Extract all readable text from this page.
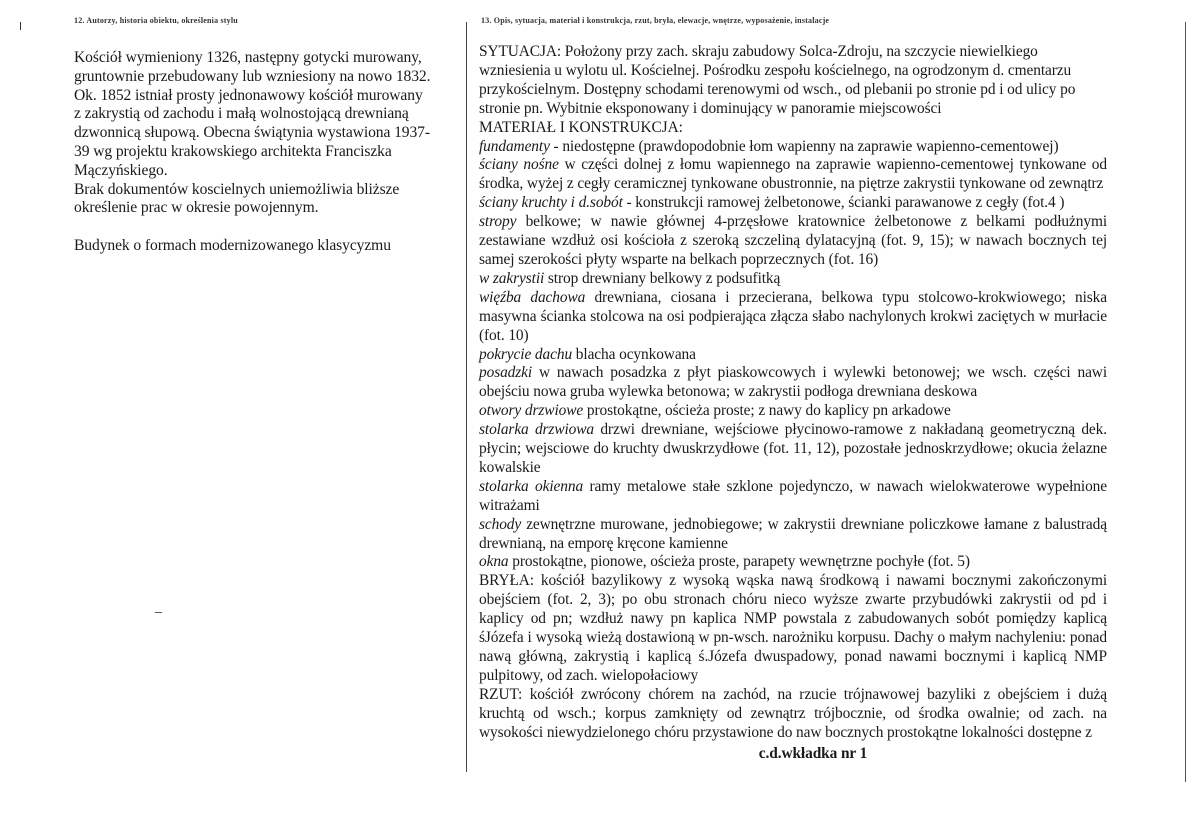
12. Autorzy, historia obiektu, określenia stylu	13. Opis, sytuacja, materiał i konstrukcja, rzut, bryła, elewacje, wnętrze, wyposażenie, instalacje

Kościół wymieniony 1326, następny gotycki murowany,

gruntownie przebudowany lub wzniesiony na nowo 1832.

Ok. 1852 istniał prosty jednonawowy kościół murowany

z zakrystią od zachodu i małą wolnostojącą drewnianą

dzwonnicą słupową. Obecna świątynia wystawiona 1937-

39 wg projektu krakowskiego architekta Franciszka

Mączyńskiego.

Brak dokumentów koscielnych uniemożliwia bliższe

określenie prac w okresie powojennym.

Budynek o formach modernizowanego klasycyzmu

SYTUACJA: Położony przy zach. skraju zabudowy Solca-Zdroju, na szczycie niewielkiego

wzniesienia u wylotu ul. Kościelnej. Pośrodku zespołu kościelnego, na ogrodzonym d. cmentarzu

przykościelnym. Dostępny schodami terenowymi od wsch., od plebanii po stronie pd i od ulicy po

stronie pn. Wybitnie eksponowany i dominujący w panoramie miejscowości

MATERIAŁ I KONSTRUKCJA:

fundamenty - niedostępne (prawdopodobnie łom wapienny na zaprawie wapienno-cementowej)

ściany nośne w części dolnej z łomu wapiennego na zaprawie wapienno-cementowej tynkowane od środka, wyżej z cegły ceramicznej tynkowane obustronnie, na piętrze zakrystii tynkowane od zewnątrz

ściany kruchty i d.sobót - konstrukcji ramowej żelbetonowe, ścianki parawanowe z cegły (fot.4 )

stropy belkowe; w nawie głównej 4-przęsłowe kratownice żelbetonowe z belkami podłużnymi zestawiane wzdłuż osi kościoła z szeroką szczeliną dylatacyjną (fot. 9, 15); w nawach bocznych tej samej szerokości płyty wsparte na belkach poprzecznych (fot. 16)

w zakrystii strop drewniany belkowy z podsufitką

więźba dachowa drewniana, ciosana i przecierana, belkowa typu stolcowo-krokwiowego; niska masywna ścianka stolcowa na osi podpierająca złącza słabo nachylonych krokwi zaciętych w murłacie (fot. 10)

pokrycie dachu blacha ocynkowana

posadzki w nawach posadzka z płyt piaskowcowych i wylewki betonowej; we wsch. części nawi obejściu nowa gruba wylewka betonowa; w zakrystii podłoga drewniana deskowa

otwory drzwiowe prostokątne, ościeża proste; z nawy do kaplicy pn arkadowe

stolarka drzwiowa drzwi drewniane, wejściowe płycinowo-ramowe z nakładaną geometryczną dek. płycin; wejsciowe do kruchty dwuskrzydłowe (fot. 11, 12), pozostałe jednoskrzydłowe; okucia żelazne kowalskie

stolarka okienna ramy metalowe stałe szklone pojedynczo, w nawach wielokwaterowe wypełnione witrażami

schody zewnętrzne murowane, jednobiegowe; w zakrystii drewniane policzkowe łamane z balustradą drewnianą, na emporę kręcone kamienne

okna prostokątne, pionowe, ościeża proste, parapety wewnętrzne pochyłe (fot. 5)

BRYŁA: kościół bazylikowy z wysoką wąska nawą środkową i nawami bocznymi zakończonymi obejściem (fot. 2, 3); po obu stronach chóru nieco wyższe zwarte przybudówki zakrystii od pd i kaplicy od pn; wzdłuż nawy pn kaplica NMP powstala z zabudowanych sobót pomiędzy kaplicą śJózefa i wysoką wieżą dostawioną w pn-wsch. narożniku korpusu. Dachy o małym nachyleniu: ponad nawą główną, zakrystią i kaplicą ś.Józefa dwuspadowy, ponad nawami bocznymi i kaplicą NMP pulpitowy, od zach. wielopołaciowy

RZUT: kościół zwrócony chórem na zachód, na rzucie trójnawowej bazyliki z obejściem i dużą kruchtą od wsch.; korpus zamknięty od zewnątrz trójbocznie, od środka owalnie; od zach. na wysokości niewydzielonego chóru przystawione do naw bocznych prostokątne lokalności dostępne z

c.d.wkładka nr 1
